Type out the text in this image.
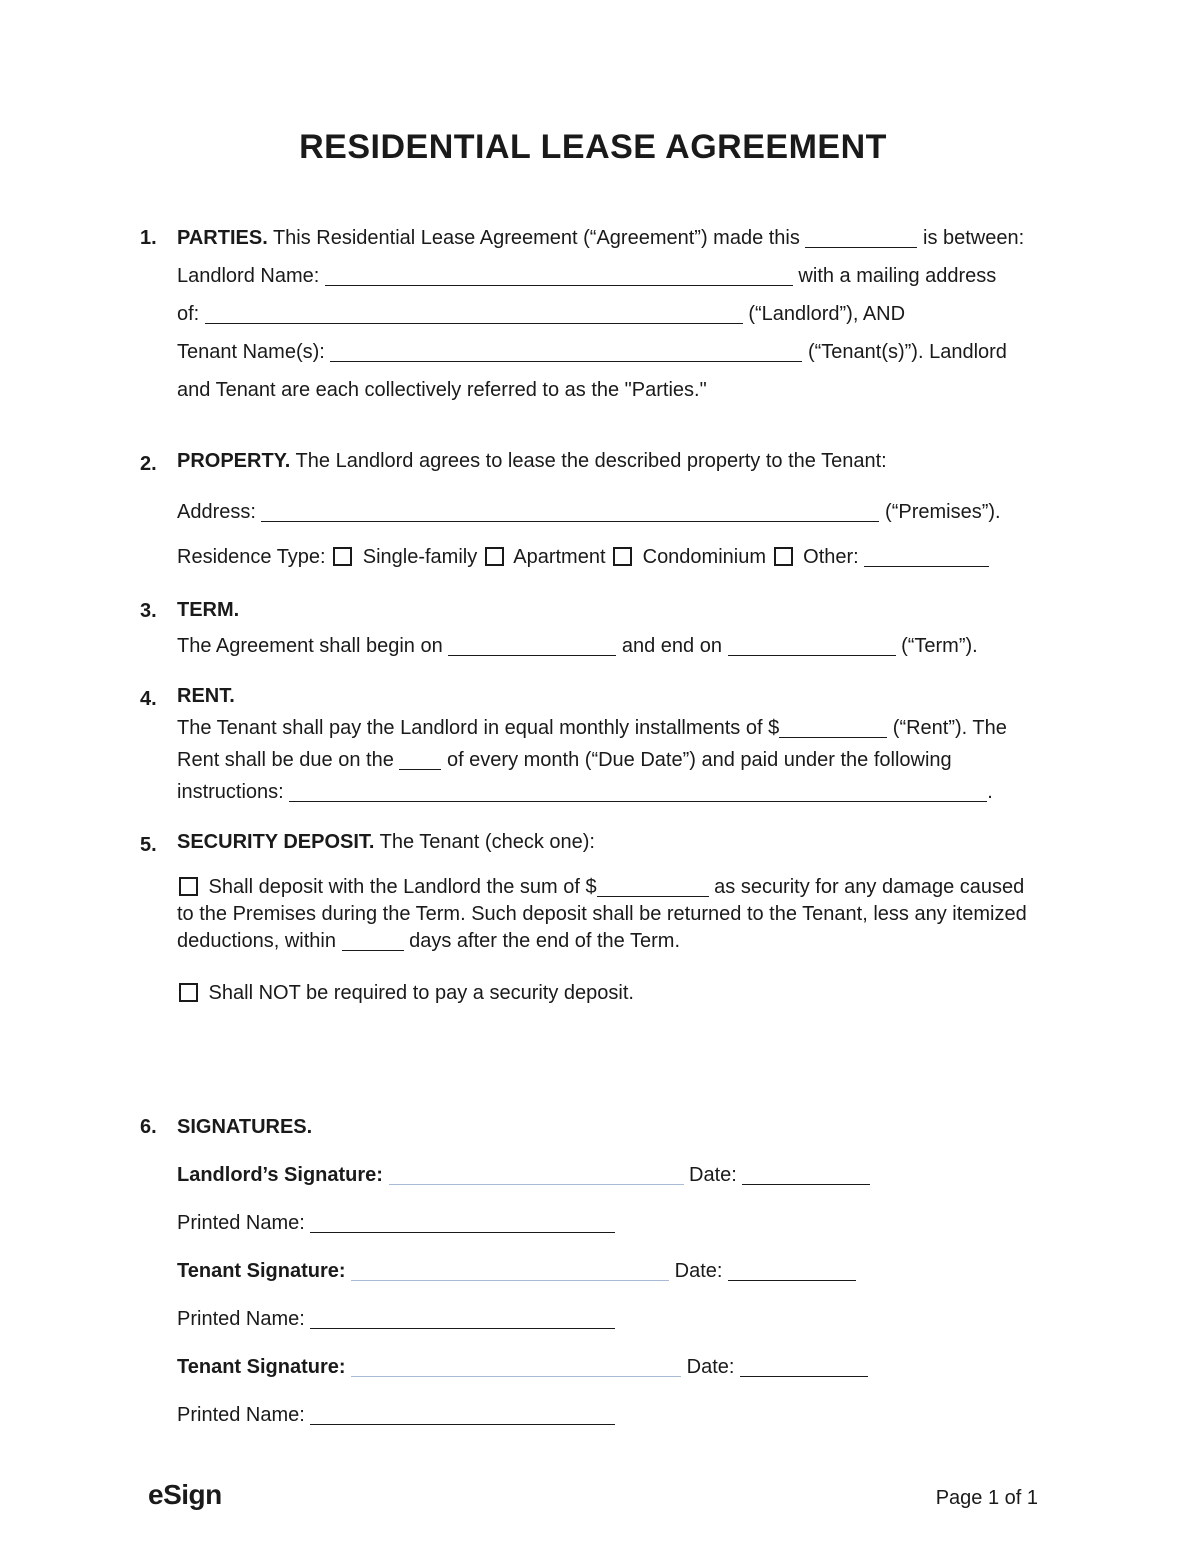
RESIDENTIAL LEASE AGREEMENT
1.	PARTIES. This Residential Lease Agreement (“Agreement”) made this	is between:
Landlord Name:	with a mailing address
of:	(“Landlord”), AND
Tenant Name(s):	(“Tenant(s)”). Landlord
and Tenant are each collectively referred to as the "Parties."
2.	PROPERTY. The Landlord agrees to lease the described property to the Tenant:
Address:	(“Premises”).
Residence Type:  Single-family  Apartment  Condominium  Other:
3.	TERM.
The Agreement shall begin on	and end on	(“Term”).
4.	RENT.
The Tenant shall pay the Landlord in equal monthly installments of $	(“Rent”). The
Rent shall be due on the  of every month (“Due Date”) and paid under the following
instructions:	.
5.	SECURITY DEPOSIT. The Tenant (check one):
Shall deposit with the Landlord the sum of $	as security for any damage caused to the Premises during the Term. Such deposit shall be returned to the Tenant, less any itemized deductions, within	days after the end of the Term.
Shall NOT be required to pay a security deposit.
6.	SIGNATURES.
Landlord’s Signature:	Date:
Printed Name:
Tenant Signature:	Date:
Printed Name:
Tenant Signature:	Date:
Printed Name:
eSign	Page 1 of 1
